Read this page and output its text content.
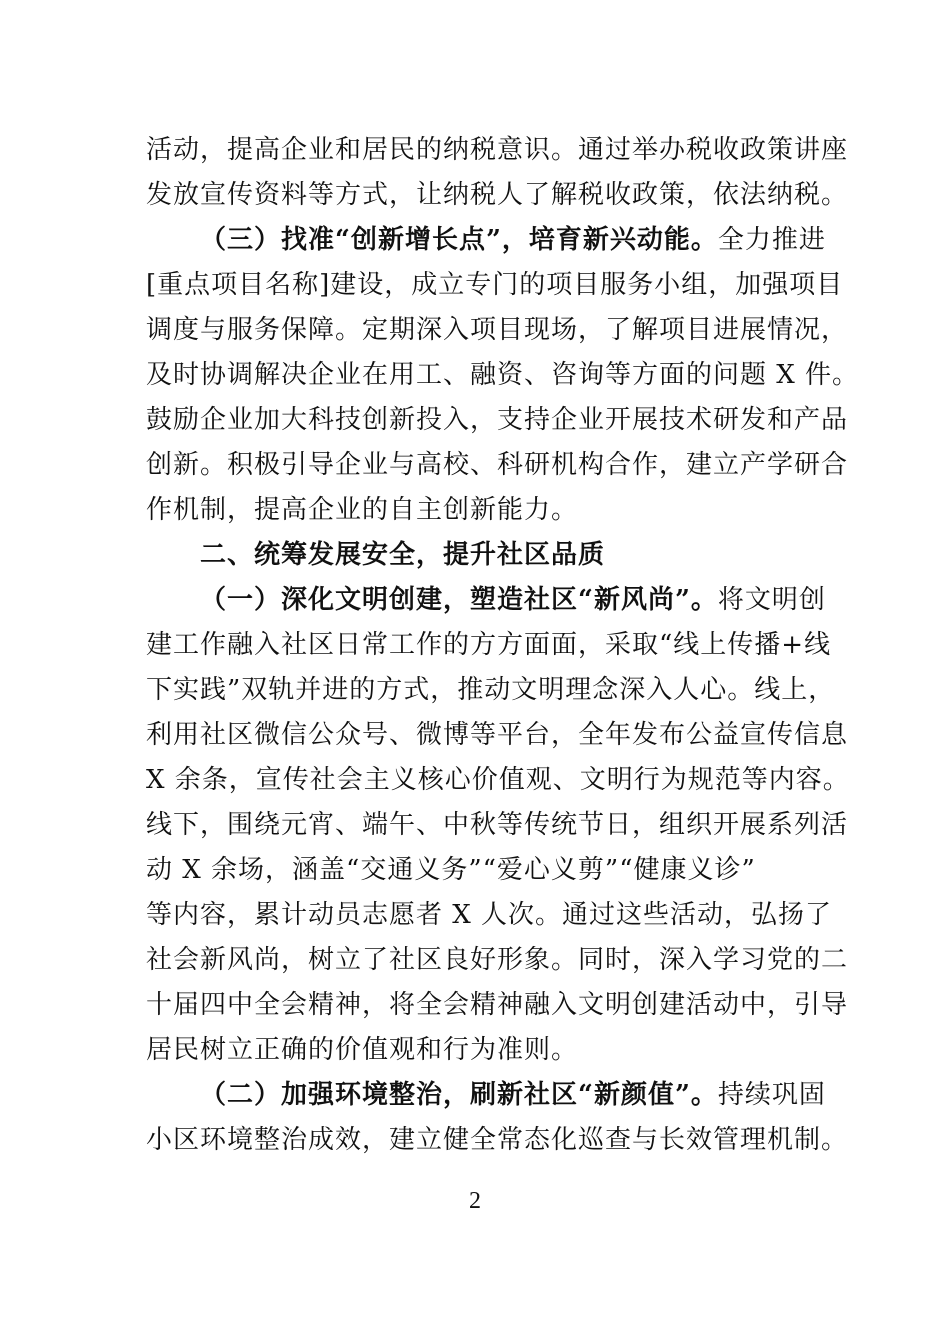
活动，提高企业和居民的纳税意识。通过举办税收政策讲座
发放宣传资料等方式，让纳税人了解税收政策，依法纳税。
（三）找准“创新增长点”，培育新兴动能。全力推进
[重点项目名称]建设，成立专门的项目服务小组，加强项目
调度与服务保障。定期深入项目现场，了解项目进展情况，
及时协调解决企业在用工、融资、咨询等方面的问题 X 件。
鼓励企业加大科技创新投入，支持企业开展技术研发和产品
创新。积极引导企业与高校、科研机构合作，建立产学研合
作机制，提高企业的自主创新能力。
二、统筹发展安全，提升社区品质
（一）深化文明创建，塑造社区“新风尚”。将文明创
建工作融入社区日常工作的方方面面，采取“线上传播+线
下实践”双轨并进的方式，推动文明理念深入人心。线上，
利用社区微信公众号、微博等平台，全年发布公益宣传信息
X 余条，宣传社会主义核心价值观、文明行为规范等内容。
线下，围绕元宵、端午、中秋等传统节日，组织开展系列活
动 X 余场，涵盖“交通义务”“爱心义剪”“健康义诊”
等内容，累计动员志愿者 X 人次。通过这些活动，弘扬了
社会新风尚，树立了社区良好形象。同时，深入学习党的二
十届四中全会精神，将全会精神融入文明创建活动中，引导
居民树立正确的价值观和行为准则。
（二）加强环境整治，刷新社区“新颜值”。持续巩固
小区环境整治成效，建立健全常态化巡查与长效管理机制。
2
